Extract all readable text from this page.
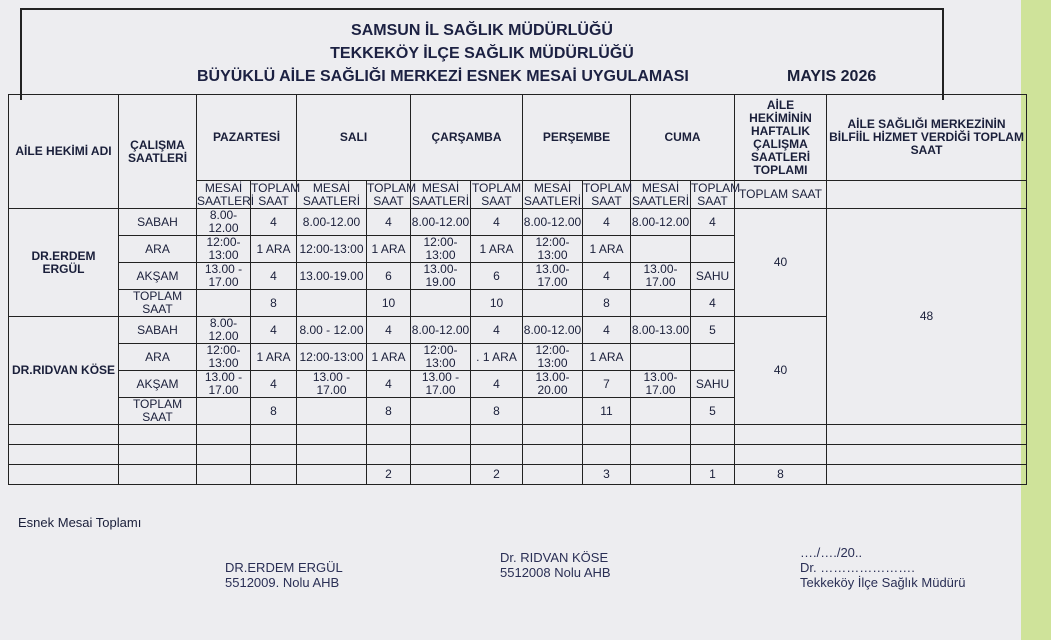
SAMSUN İL SAĞLIK MÜDÜRLÜĞÜ
TEKKEKÖY İLÇE SAĞLIK MÜDÜRLÜĞÜ
BÜYÜKLÜ AİLE SAĞLIĞI MERKEZİ ESNEK MESAİ UYGULAMASI	MAYIS 2026
AİLE HEKİMİ ADI	ÇALIŞMA SAATLERİ	PAZARTESİ		SALI		ÇARŞAMBA		PERŞEMBE		CUMA		AİLE HEKİMİNİN HAFTALIK ÇALIŞMA SAATLERİ TOPLAMI	AİLE SAĞLIĞI MERKEZİNİN BİLFİİL HİZMET VERDİĞİ TOPLAM SAAT
		MESAİ SAATLERİ	TOPLAM SAAT	MESAİ SAATLERİ	TOPLAM SAAT	MESAİ SAATLERİ	TOPLAM SAAT	MESAİ SAATLERİ	TOPLAM SAAT	MESAİ SAATLERİ	TOPLAM SAAT	TOPLAM SAAT	
DR.ERDEM ERGÜL	SABAH	8.00-12.00	4	8.00-12.00	4	8.00-12.00	4	8.00-12.00	4	8.00-12.00	4	40	48
	ARA	12:00-13:00	1 ARA	12:00-13:00	1 ARA	12:00-13:00	1 ARA	12:00-13:00	1 ARA				
	AKŞAM	13.00 - 17.00	4	13.00-19.00	6	13.00-19.00	6	13.00-17.00	4	13.00-17.00	SAHU		
	TOPLAM SAAT		8		10		10		8		4		
DR.RIDVAN KÖSE	SABAH	8.00-12.00	4	8.00 - 12.00	4	8.00-12.00	4	8.00-12.00	4	8.00-13.00	5	40	
	ARA	12:00-13:00	1 ARA	12:00-13:00	1 ARA	12:00-13:00	. 1 ARA	12:00-13:00	1 ARA				
	AKŞAM	13.00 - 17.00	4	13.00 - 17.00	4	13.00 - 17.00	4	13.00-20.00	7	13.00-17.00	SAHU		
	TOPLAM SAAT		8		8		8		11		5		

					2		2		3		1	8	
Esnek Mesai Toplamı
DR.ERDEM ERGÜL
5512009. Nolu AHB
Dr. RIDVAN KÖSE
5512008 Nolu AHB
…./…./20..
Dr. ………………….
Tekkeköy İlçe Sağlık Müdürü
